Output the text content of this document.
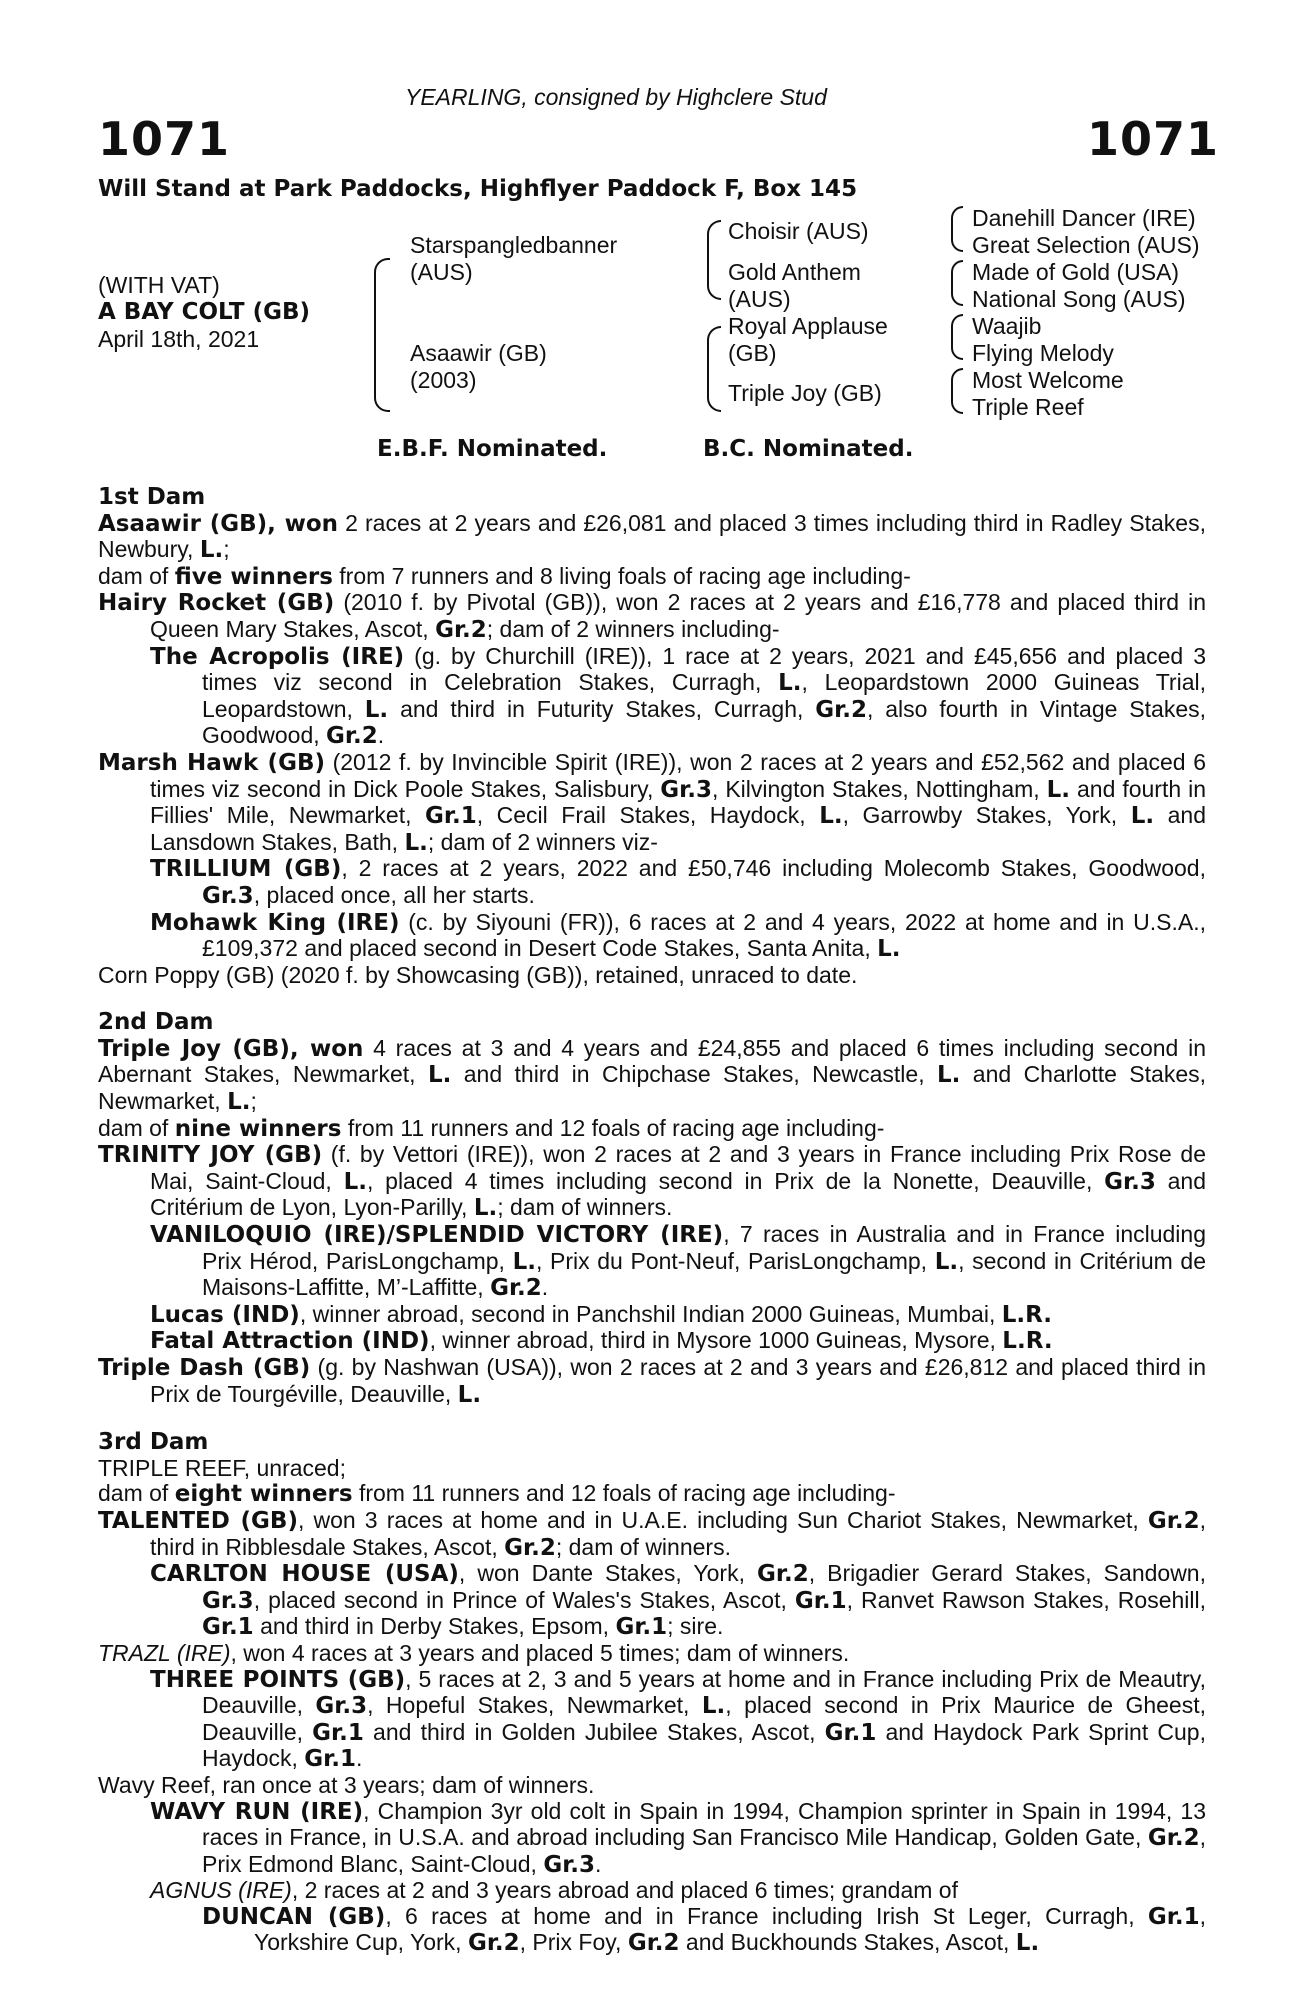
YEARLING, consigned by Highclere Stud
1071	1071
Will Stand at Park Paddocks, Highflyer Paddock F, Box 145
(WITH VAT)
A BAY COLT (GB)
April 18th, 2021
Starspangledbanner
(AUS)
Asaawir (GB)
(2003)
Choisir (AUS)
Gold Anthem
(AUS)
Royal Applause
(GB)
Triple Joy (GB)
Danehill Dancer (IRE)
Great Selection (AUS)
Made of Gold (USA)
National Song (AUS)
Waajib
Flying Melody
Most Welcome
Triple Reef
E.B.F. Nominated.	B.C. Nominated.
1st Dam
Asaawir (GB), won 2 races at 2 years and £26,081 and placed 3 times including third in Radley Stakes, Newbury, L.;
dam of five winners from 7 runners and 8 living foals of racing age including-
Hairy Rocket (GB) (2010 f. by Pivotal (GB)), won 2 races at 2 years and £16,778 and placed third in Queen Mary Stakes, Ascot, Gr.2; dam of 2 winners including-
The Acropolis (IRE) (g. by Churchill (IRE)), 1 race at 2 years, 2021 and £45,656 and placed 3 times viz second in Celebration Stakes, Curragh, L., Leopardstown 2000 Guineas Trial, Leopardstown, L. and third in Futurity Stakes, Curragh, Gr.2, also fourth in Vintage Stakes, Goodwood, Gr.2.
Marsh Hawk (GB) (2012 f. by Invincible Spirit (IRE)), won 2 races at 2 years and £52,562 and placed 6 times viz second in Dick Poole Stakes, Salisbury, Gr.3, Kilvington Stakes, Nottingham, L. and fourth in Fillies' Mile, Newmarket, Gr.1, Cecil Frail Stakes, Haydock, L., Garrowby Stakes, York, L. and Lansdown Stakes, Bath, L.; dam of 2 winners viz-
TRILLIUM (GB), 2 races at 2 years, 2022 and £50,746 including Molecomb Stakes, Goodwood, Gr.3, placed once, all her starts.
Mohawk King (IRE) (c. by Siyouni (FR)), 6 races at 2 and 4 years, 2022 at home and in U.S.A., £109,372 and placed second in Desert Code Stakes, Santa Anita, L.
Corn Poppy (GB) (2020 f. by Showcasing (GB)), retained, unraced to date.
2nd Dam
Triple Joy (GB), won 4 races at 3 and 4 years and £24,855 and placed 6 times including second in Abernant Stakes, Newmarket, L. and third in Chipchase Stakes, Newcastle, L. and Charlotte Stakes, Newmarket, L.;
dam of nine winners from 11 runners and 12 foals of racing age including-
TRINITY JOY (GB) (f. by Vettori (IRE)), won 2 races at 2 and 3 years in France including Prix Rose de Mai, Saint-Cloud, L., placed 4 times including second in Prix de la Nonette, Deauville, Gr.3 and Critérium de Lyon, Lyon-Parilly, L.; dam of winners.
VANILOQUIO (IRE)/SPLENDID VICTORY (IRE), 7 races in Australia and in France including Prix Hérod, ParisLongchamp, L., Prix du Pont-Neuf, ParisLongchamp, L., second in Critérium de Maisons-Laffitte, M’-Laffitte, Gr.2.
Lucas (IND), winner abroad, second in Panchshil Indian 2000 Guineas, Mumbai, L.R.
Fatal Attraction (IND), winner abroad, third in Mysore 1000 Guineas, Mysore, L.R.
Triple Dash (GB) (g. by Nashwan (USA)), won 2 races at 2 and 3 years and £26,812 and placed third in Prix de Tourgéville, Deauville, L.
3rd Dam
TRIPLE REEF, unraced;
dam of eight winners from 11 runners and 12 foals of racing age including-
TALENTED (GB), won 3 races at home and in U.A.E. including Sun Chariot Stakes, Newmarket, Gr.2, third in Ribblesdale Stakes, Ascot, Gr.2; dam of winners.
CARLTON HOUSE (USA), won Dante Stakes, York, Gr.2, Brigadier Gerard Stakes, Sandown, Gr.3, placed second in Prince of Wales's Stakes, Ascot, Gr.1, Ranvet Rawson Stakes, Rosehill, Gr.1 and third in Derby Stakes, Epsom, Gr.1; sire.
TRAZL (IRE), won 4 races at 3 years and placed 5 times; dam of winners.
THREE POINTS (GB), 5 races at 2, 3 and 5 years at home and in France including Prix de Meautry, Deauville, Gr.3, Hopeful Stakes, Newmarket, L., placed second in Prix Maurice de Gheest, Deauville, Gr.1 and third in Golden Jubilee Stakes, Ascot, Gr.1 and Haydock Park Sprint Cup, Haydock, Gr.1.
Wavy Reef, ran once at 3 years; dam of winners.
WAVY RUN (IRE), Champion 3yr old colt in Spain in 1994, Champion sprinter in Spain in 1994, 13 races in France, in U.S.A. and abroad including San Francisco Mile Handicap, Golden Gate, Gr.2, Prix Edmond Blanc, Saint-Cloud, Gr.3.
AGNUS (IRE), 2 races at 2 and 3 years abroad and placed 6 times; grandam of
DUNCAN (GB), 6 races at home and in France including Irish St Leger, Curragh, Gr.1, Yorkshire Cup, York, Gr.2, Prix Foy, Gr.2 and Buckhounds Stakes, Ascot, L.
